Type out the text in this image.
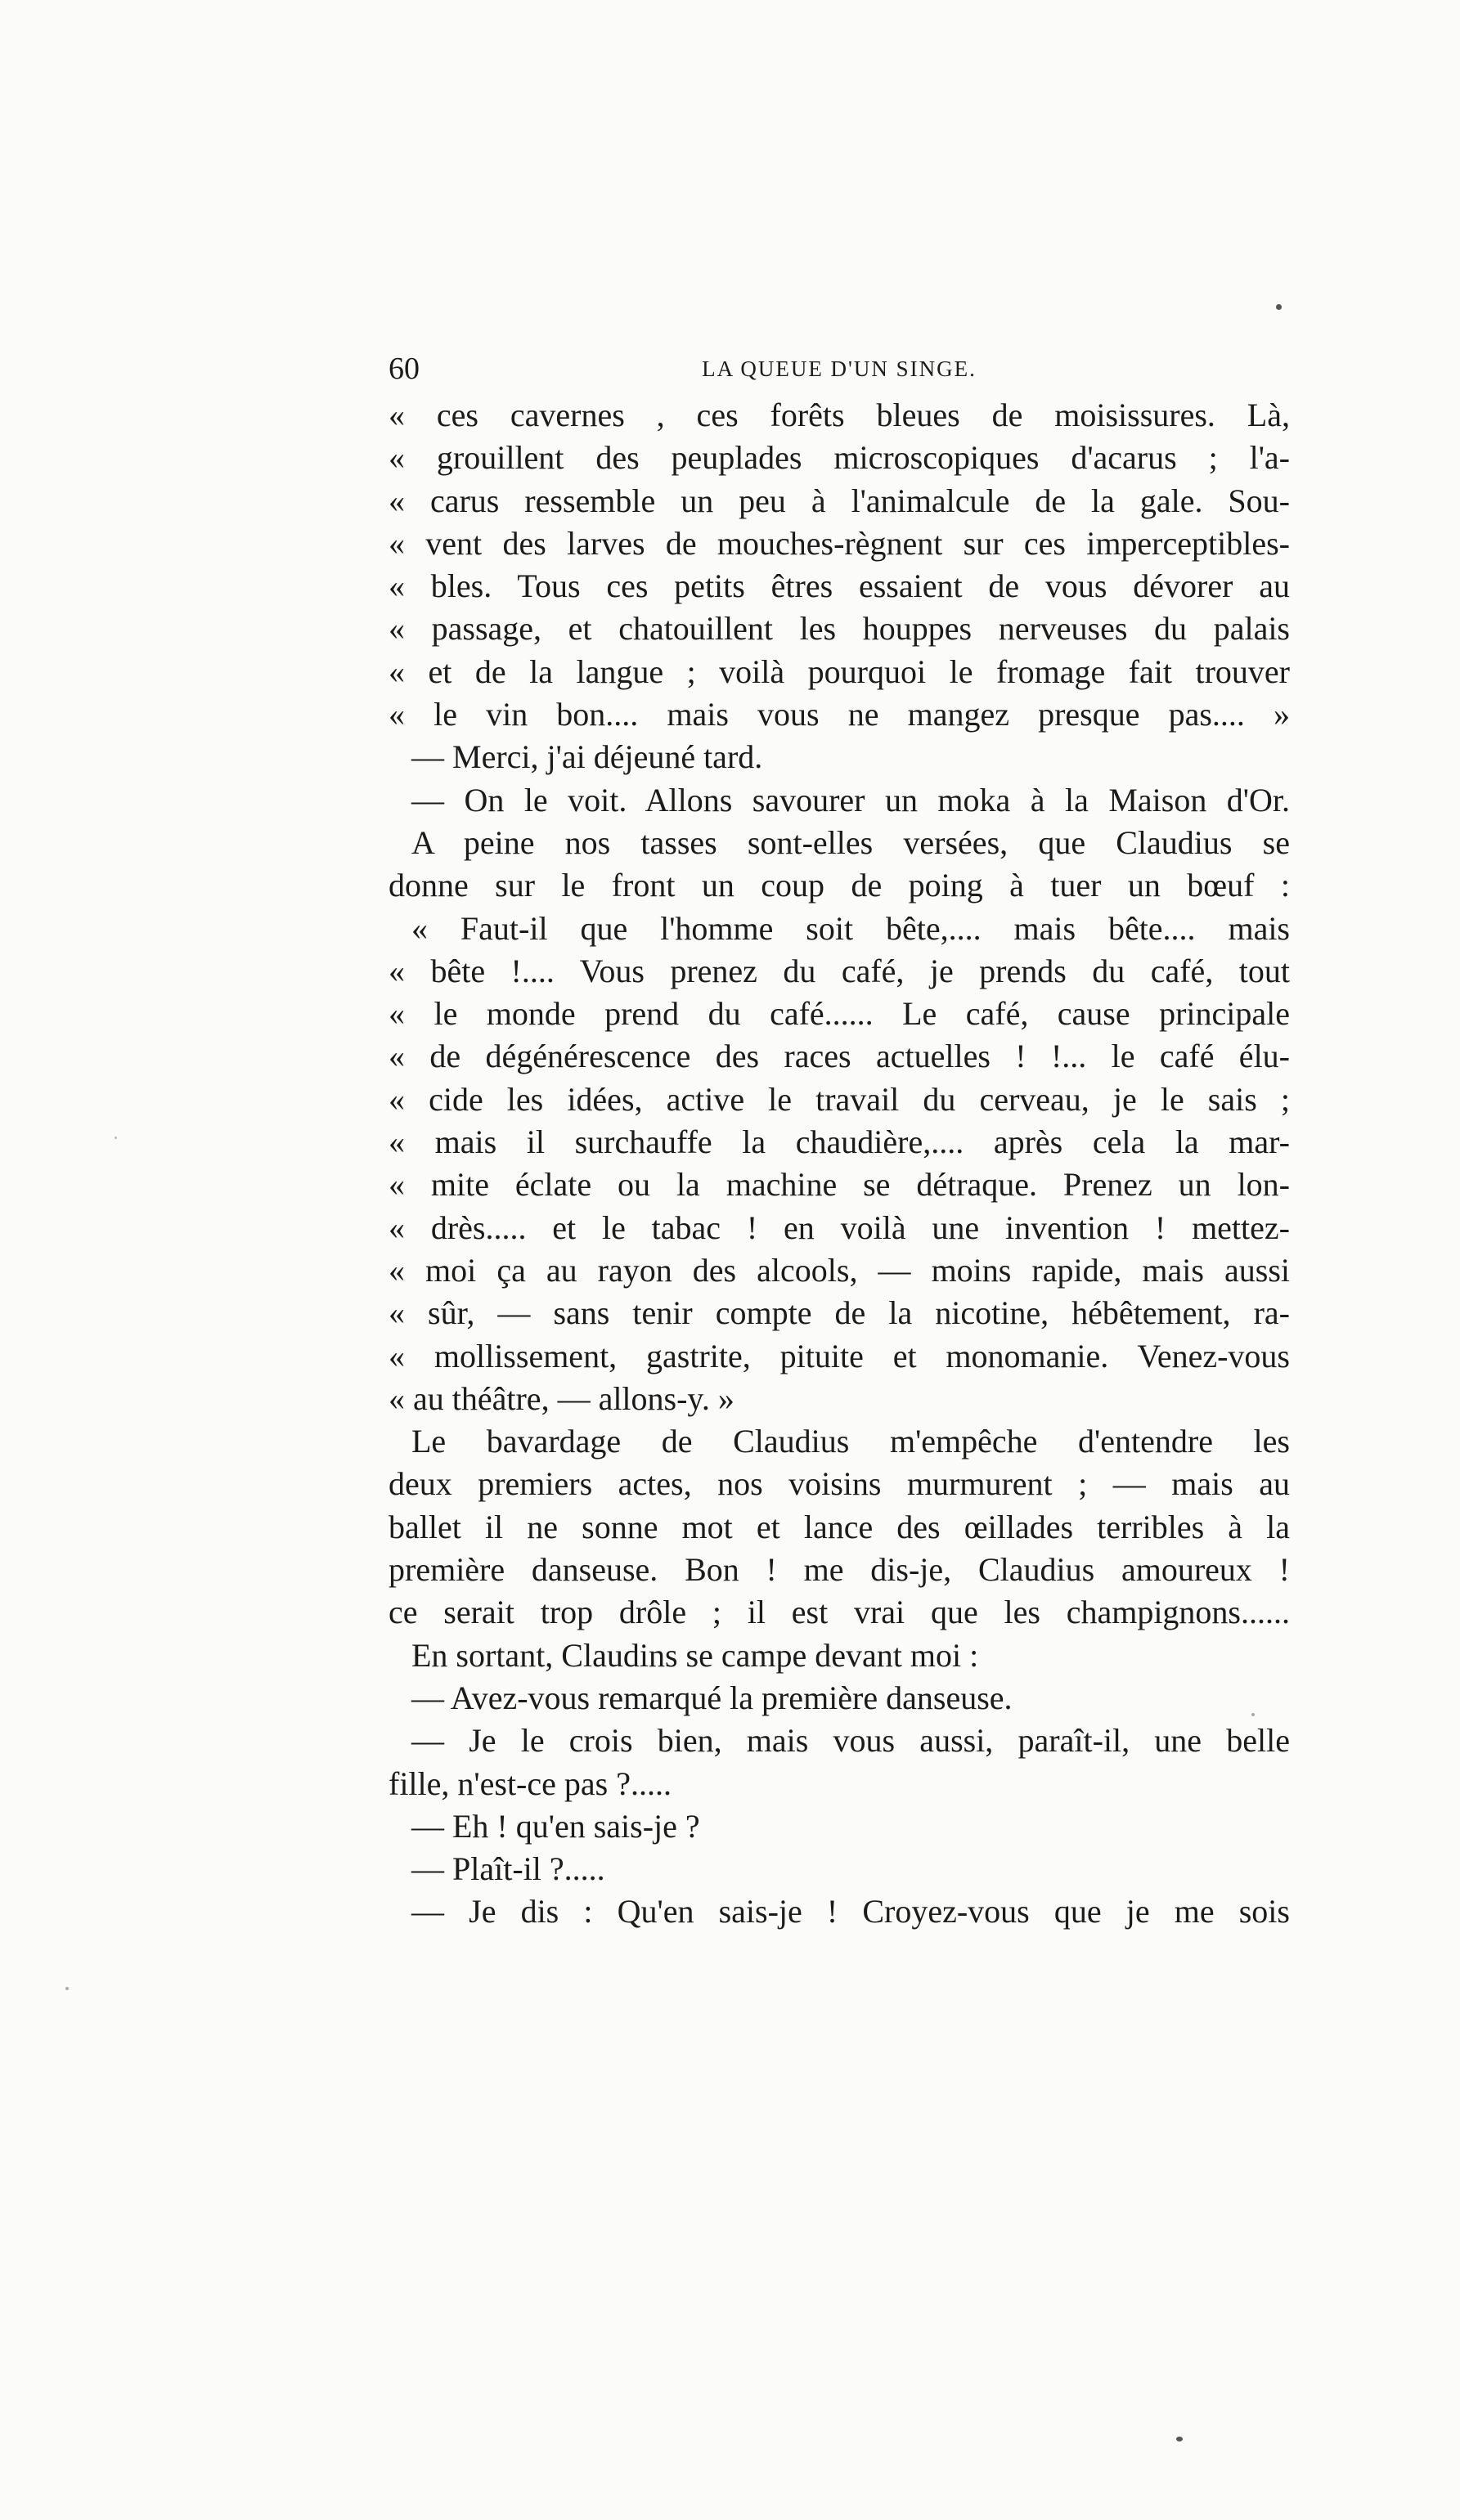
60	LA QUEUE D'UN SINGE.
« ces cavernes , ces forêts bleues de moisissures. Là,
« grouillent des peuplades microscopiques d'acarus ; l'a-
« carus ressemble un peu à l'animalcule de la gale. Sou-
« vent des larves de mouches-règnent sur ces imperceptibles-
« bles. Tous ces petits êtres essaient de vous dévorer au
« passage, et chatouillent les houppes nerveuses du palais
« et de la langue ; voilà pourquoi le fromage fait trouver
« le vin bon.... mais vous ne mangez presque pas.... »
— Merci, j'ai déjeuné tard.
— On le voit. Allons savourer un moka à la Maison d'Or.
A peine nos tasses sont-elles versées, que Claudius se
donne sur le front un coup de poing à tuer un bœuf :
« Faut-il que l'homme soit bête,.... mais bête.... mais
« bête !.... Vous prenez du café, je prends du café, tout
« le monde prend du café...... Le café, cause principale
« de dégénérescence des races actuelles ! !... le café élu-
« cide les idées, active le travail du cerveau, je le sais ;
« mais il surchauffe la chaudière,.... après cela la mar-
« mite éclate ou la machine se détraque. Prenez un lon-
« drès..... et le tabac ! en voilà une invention ! mettez-
« moi ça au rayon des alcools, — moins rapide, mais aussi
« sûr, — sans tenir compte de la nicotine, hébêtement, ra-
« mollissement, gastrite, pituite et monomanie. Venez-vous
« au théâtre, — allons-y. »
Le bavardage de Claudius m'empêche d'entendre les
deux premiers actes, nos voisins murmurent ; — mais au
ballet il ne sonne mot et lance des œillades terribles à la
première danseuse. Bon ! me dis-je, Claudius amoureux !
ce serait trop drôle ; il est vrai que les champignons......
En sortant, Claudins se campe devant moi :
— Avez-vous remarqué la première danseuse.
— Je le crois bien, mais vous aussi, paraît-il, une belle
fille, n'est-ce pas ?.....
— Eh ! qu'en sais-je ?
— Plaît-il ?.....
— Je dis : Qu'en sais-je ! Croyez-vous que je me sois
